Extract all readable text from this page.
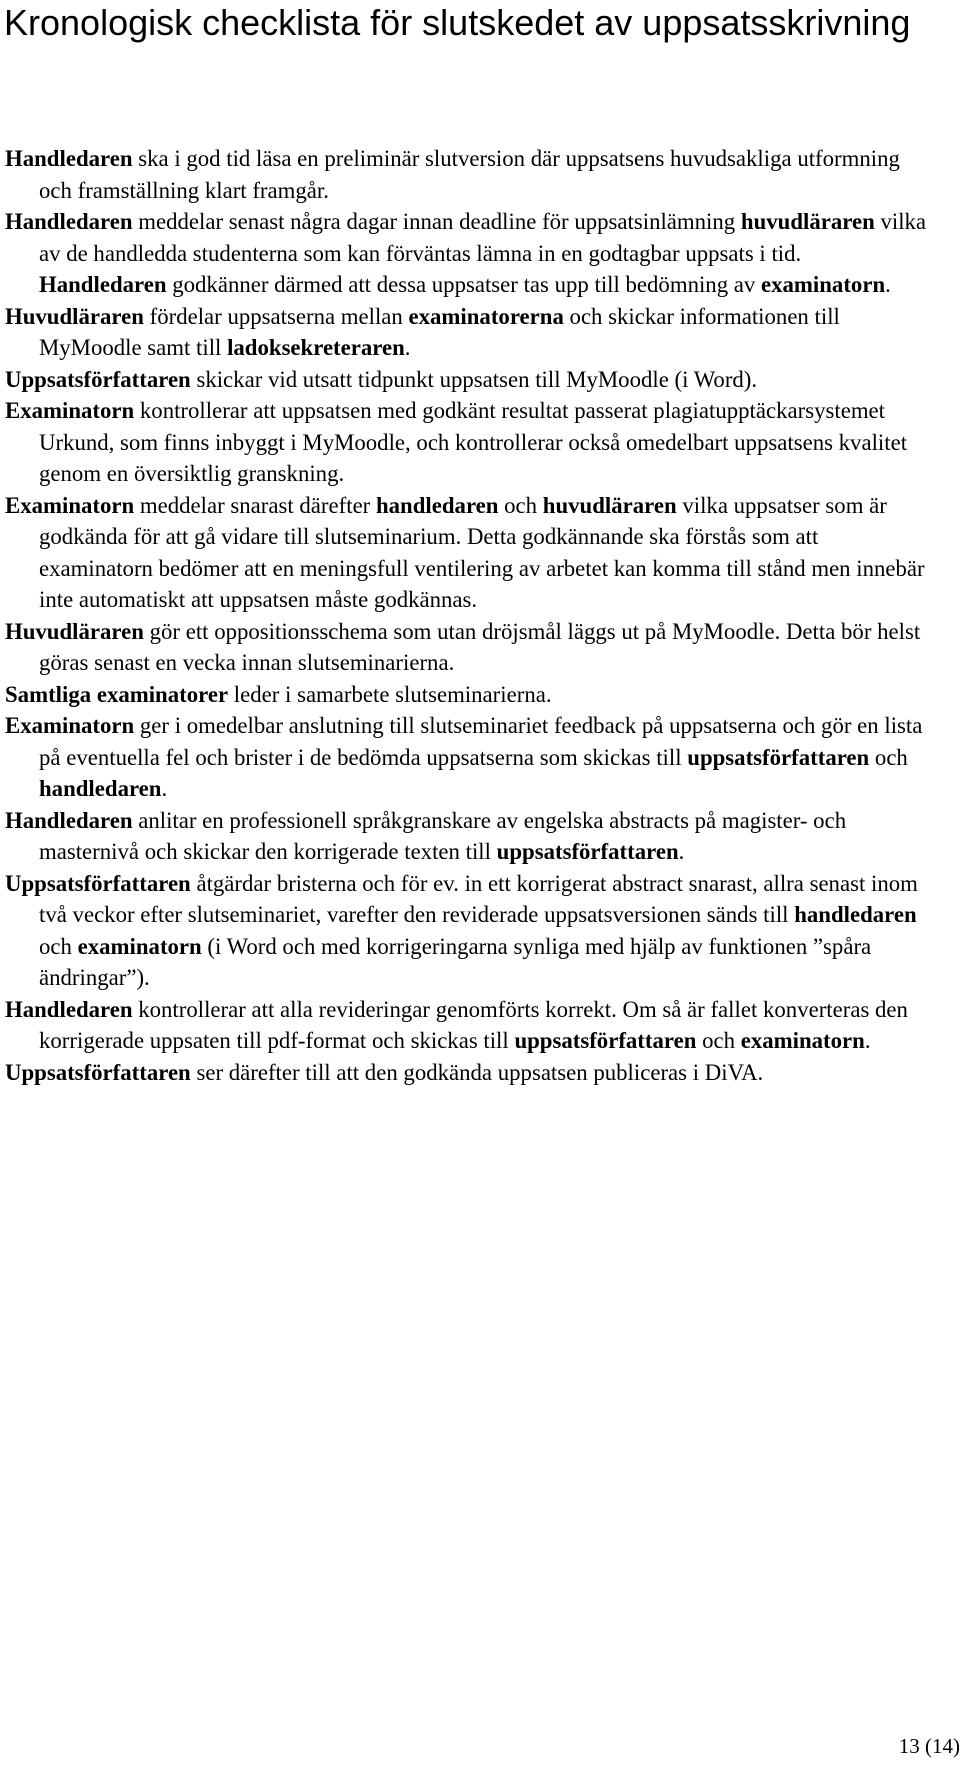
Kronologisk checklista för slutskedet av uppsatsskrivning
Handledaren ska i god tid läsa en preliminär slutversion där uppsatsens huvudsakliga utformning och framställning klart framgår.
Handledaren meddelar senast några dagar innan deadline för uppsatsinlämning huvudläraren vilka av de handledda studenterna som kan förväntas lämna in en godtagbar uppsats i tid. Handledaren godkänner därmed att dessa uppsatser tas upp till bedömning av examinatorn.
Huvudläraren fördelar uppsatserna mellan examinatorerna och skickar informationen till MyMoodle samt till ladoksekreteraren.
Uppsatsförfattaren skickar vid utsatt tidpunkt uppsatsen till MyMoodle (i Word).
Examinatorn kontrollerar att uppsatsen med godkänt resultat passerat plagiatupptäckarsystemet Urkund, som finns inbyggt i MyMoodle, och kontrollerar också omedelbart uppsatsens kvalitet genom en översiktlig granskning.
Examinatorn meddelar snarast därefter handledaren och huvudläraren vilka uppsatser som är godkända för att gå vidare till slutseminarium. Detta godkännande ska förstås som att examinatorn bedömer att en meningsfull ventilering av arbetet kan komma till stånd men innebär inte automatiskt att uppsatsen måste godkännas.
Huvudläraren gör ett oppositionsschema som utan dröjsmål läggs ut på MyMoodle. Detta bör helst göras senast en vecka innan slutseminarierna.
Samtliga examinatorer leder i samarbete slutseminarierna.
Examinatorn ger i omedelbar anslutning till slutseminariet feedback på uppsatserna och gör en lista på eventuella fel och brister i de bedömda uppsatserna som skickas till uppsatsförfattaren och handledaren.
Handledaren anlitar en professionell språkgranskare av engelska abstracts på magister- och masternivå och skickar den korrigerade texten till uppsatsförfattaren.
Uppsatsförfattaren åtgärdar bristerna och för ev. in ett korrigerat abstract snarast, allra senast inom två veckor efter slutseminariet, varefter den reviderade uppsatsversionen sänds till handledaren och examinatorn (i Word och med korrigeringarna synliga med hjälp av funktionen ”spåra ändringar”).
Handledaren kontrollerar att alla revideringar genomförts korrekt. Om så är fallet konverteras den korrigerade uppsaten till pdf-format och skickas till uppsatsförfattaren och examinatorn.
Uppsatsförfattaren ser därefter till att den godkända uppsatsen publiceras i DiVA.
13 (14)
